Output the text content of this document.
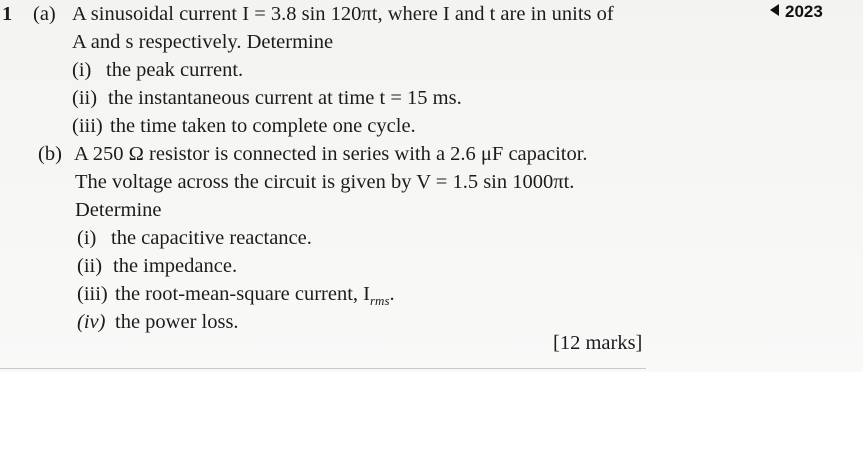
2023
1 (a) A sinusoidal current I = 3.8 sin 120πt, where I and t are in units of
A and s respectively. Determine
(i) the peak current.
(ii) the instantaneous current at time t = 15 ms.
(iii) the time taken to complete one cycle.
(b) A 250 Ω resistor is connected in series with a 2.6 μF capacitor.
The voltage across the circuit is given by V = 1.5 sin 1000πt.
Determine
(i) the capacitive reactance.
(ii) the impedance.
(iii) the root-mean-square current, $I_{rms}$.
(iv) the power loss.
[12 marks]
